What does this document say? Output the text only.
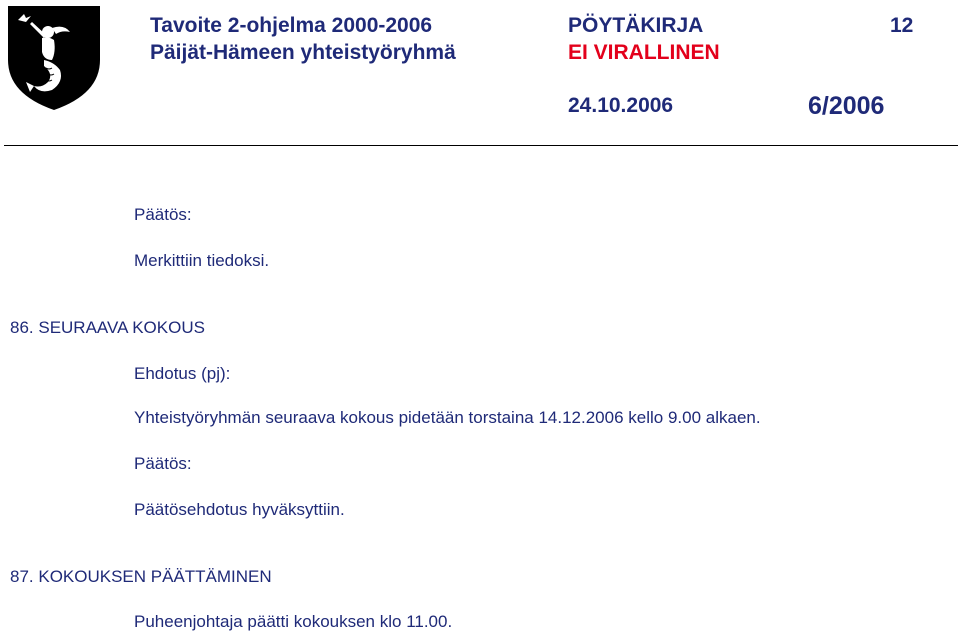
Tavoite 2-ohjelma 2000-2006
Päijät-Hämeen yhteistyöryhmä
PÖYTÄKIRJA
EI VIRALLINEN
12
24.10.2006	6/2006
Päätös:
Merkittiin tiedoksi.
86. SEURAAVA KOKOUS
Ehdotus (pj):
Yhteistyöryhmän seuraava kokous pidetään torstaina 14.12.2006 kello 9.00 alkaen.
Päätös:
Päätösehdotus hyväksyttiin.
87. KOKOUKSEN PÄÄTTÄMINEN
Puheenjohtaja päätti kokouksen klo 11.00.
